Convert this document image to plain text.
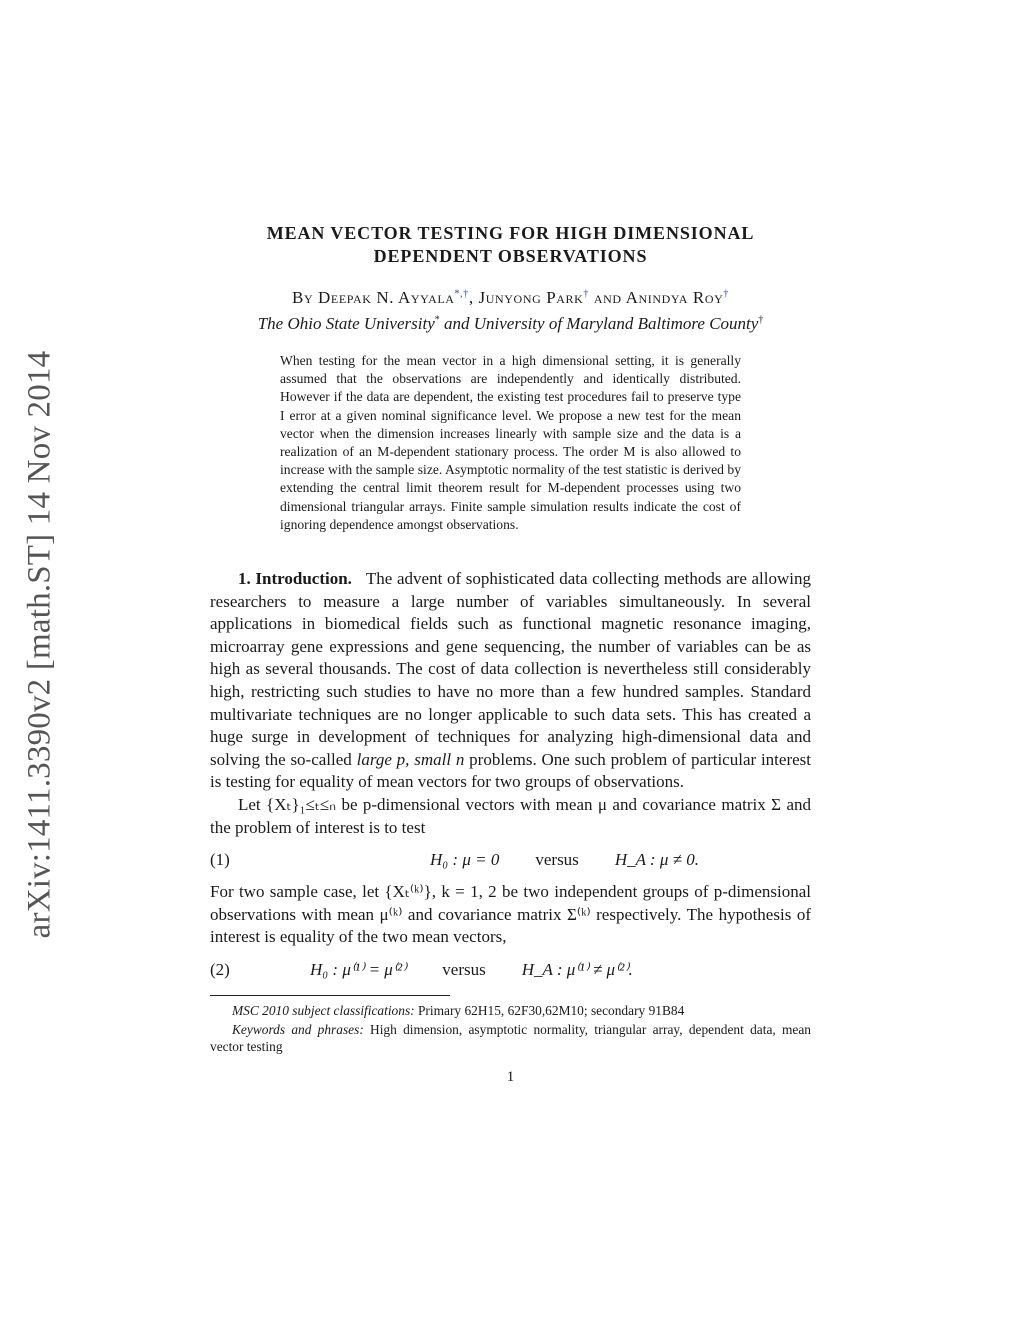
arXiv:1411.3390v2 [math.ST] 14 Nov 2014
MEAN VECTOR TESTING FOR HIGH DIMENSIONAL
DEPENDENT OBSERVATIONS
By Deepak N. Ayyala*,†, Junyong Park† and Anindya Roy†
The Ohio State University* and University of Maryland Baltimore County†
When testing for the mean vector in a high dimensional setting, it is generally assumed that the observations are independently and identically distributed. However if the data are dependent, the existing test procedures fail to preserve type I error at a given nominal significance level. We propose a new test for the mean vector when the dimension increases linearly with sample size and the data is a realization of an M-dependent stationary process. The order M is also allowed to increase with the sample size. Asymptotic normality of the test statistic is derived by extending the central limit theorem result for M-dependent processes using two dimensional triangular arrays. Finite sample simulation results indicate the cost of ignoring dependence amongst observations.

1. Introduction. The advent of sophisticated data collecting methods are allowing researchers to measure a large number of variables simultaneously. In several applications in biomedical fields such as functional magnetic resonance imaging, microarray gene expressions and gene sequencing, the number of variables can be as high as several thousands. The cost of data collection is nevertheless still considerably high, restricting such studies to have no more than a few hundred samples. Standard multivariate techniques are no longer applicable to such data sets. This has created a huge surge in development of techniques for analyzing high-dimensional data and solving the so-called large p, small n problems. One such problem of particular interest is testing for equality of mean vectors for two groups of observations.

Let {Xₜ}₁≤ₜ≤ₙ be p-dimensional vectors with mean μ and covariance matrix Σ and the problem of interest is to test

(1)	H₀ : μ = 0 versus H_A : μ ≠ 0.

For two sample case, let {Xₜ⁽ᵏ⁾}, k = 1, 2 be two independent groups of p-dimensional observations with mean μ⁽ᵏ⁾ and covariance matrix Σ⁽ᵏ⁾ respectively. The hypothesis of interest is equality of the two mean vectors,

(2)	H₀ : μ⁽¹⁾ = μ⁽²⁾ versus H_A : μ⁽¹⁾ ≠ μ⁽²⁾.
MSC 2010 subject classifications: Primary 62H15, 62F30,62M10; secondary 91B84
Keywords and phrases: High dimension, asymptotic normality, triangular array, dependent data, mean vector testing
1
